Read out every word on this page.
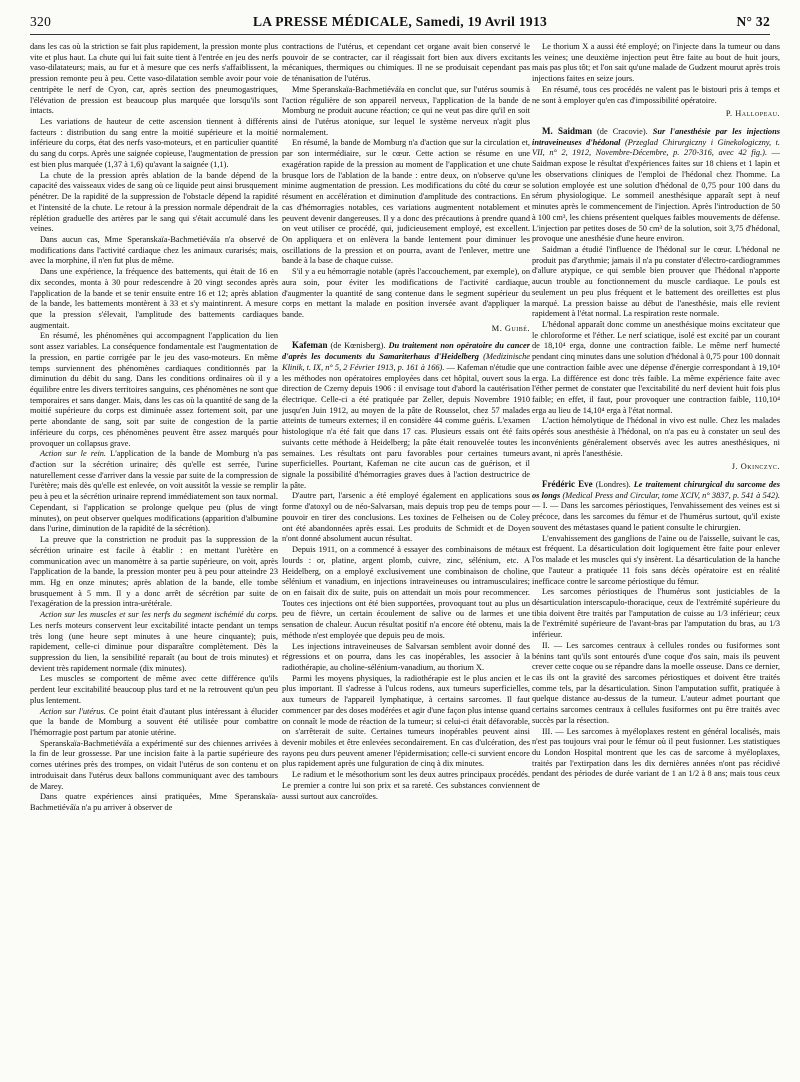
320	LA PRESSE MÉDICALE, Samedi, 19 Avril 1913	N° 32

dans les cas où la striction se fait plus rapidement, la pression monte plus vite et plus haut. La chute qui lui fait suite tient à l'entrée en jeu des nerfs vaso-dilatateurs; mais, au fur et à mesure que ces nerfs s'affaiblissent, la pression remonte peu à peu. Cette vaso-dilatation semble avoir pour voie centripète le nerf de Cyon, car, après section des pneumogastriques, l'élévation de pression est beaucoup plus marquée que lorsqu'ils sont intacts.

Les variations de hauteur de cette ascension tiennent à différents facteurs : distribution du sang entre la moitié supérieure et la moitié inférieure du corps, état des nerfs vaso-moteurs, et en particulier quantité du sang du corps. Après une saignée copieuse, l'augmentation de pression est bien plus marquée (1,37 à 1,6) qu'avant la saignée (1,1).

La chute de la pression après ablation de la bande dépend de la capacité des vaisseaux vides de sang où ce liquide peut ainsi brusquement pénétrer. De la rapidité de la suppression de l'obstacle dépend la rapidité et l'intensité de la chute. Le retour à la pression normale dépendrait de la réplétion graduelle des artères par le sang qui s'était accumulé dans les veines.

Dans aucun cas, Mme Speranskaïa-Bachmetiéváïa n'a observé de modifications dans l'activité cardiaque chez les animaux curarisés; mais, avec la morphine, il n'en fut plus de même.

Dans une expérience, la fréquence des battements, qui était de 16 en dix secondes, monta à 30 pour redescendre à 20 vingt secondes après l'application de la bande et se tenir ensuite entre 16 et 12; après ablation de la bande, les battements montèrent à 33 et s'y maintinrent. A mesure que la pression s'élevait, l'amplitude des battements cardiaques augmentait.

En résumé, les phénomènes qui accompagnent l'application du lien sont assez variables. La conséquence fondamentale est l'augmentation de la pression, en partie corrigée par le jeu des vaso-moteurs. En même temps surviennent des phénomènes cardiaques conditionnés par la diminution du débit du sang. Dans les conditions ordinaires où il y a équilibre entre les divers territoires sanguins, ces phénomènes ne sont que temporaires et sans danger. Mais, dans les cas où la quantité de sang de la moitié supérieure du corps est diminuée assez fortement soit, par une perte abondante de sang, soit par suite de congestion de la partie inférieure du corps, ces phénomènes peuvent être assez marqués pour provoquer un collapsus grave.

Action sur le rein. L'application de la bande de Momburg n'a pas d'action sur la sécrétion urinaire; dès qu'elle est serrée, l'urine naturellement cesse d'arriver dans la vessie par suite de la compression de l'urètère; mais dès qu'elle est enlevée, on voit aussitôt la vessie se remplir peu à peu et la sécrétion urinaire reprend immédiatement son taux normal. Cependant, si l'application se prolonge quelque peu (plus de vingt minutes), on peut observer quelques modifications (apparition d'albumine dans l'urine, diminution de la rapidité de la sécrétion).

La preuve que la constriction ne produit pas la suppression de la sécrétion urinaire est facile à établir : en mettant l'urètère en communication avec un manomètre à sa partie supérieure, on voit, après l'application de la bande, la pression monter peu à peu pour atteindre 23 mm. Hg en onze minutes; après ablation de la bande, elle tombe brusquement à 5 mm. Il y a donc arrêt de sécrétion par suite de l'exagération de la pression intra-urétérale.

Action sur les muscles et sur les nerfs du segment ischémié du corps. Les nerfs moteurs conservent leur excitabilité intacte pendant un temps très long (une heure sept minutes à une heure cinquante); puis, rapidement, celle-ci diminue pour disparaître complètement. Dès la suppression du lien, la sensibilité reparaît (au bout de trois minutes) et devient très rapidement normale (dix minutes).

Les muscles se comportent de même avec cette différence qu'ils perdent leur excitabilité beaucoup plus tard et ne la retrouvent qu'un peu plus lentement.

Action sur l'utérus. Ce point était d'autant plus intéressant à élucider que la bande de Momburg a souvent été utilisée pour combattre l'hémorragie post partum par atonie utérine.

Speranskaïa-Bachmetiéváïa a expérimenté sur des chiennes arrivées à la fin de leur grossesse. Par une incision faite à la partie supérieure des cornes utérines près des trompes, on vidait l'utérus de son contenu et on introduisait dans l'utérus deux ballons communiquant avec des tambours de Marey.

Dans quatre expériences ainsi pratiquées, Mme Speranskaïa-Bachmetiéváïa n'a pu arriver à observer de

contractions de l'utérus, et cependant cet organe avait bien conservé le pouvoir de se contracter, car il réagissait fort bien aux divers excitants mécaniques, thermiques ou chimiques. Il ne se produisait cependant pas de ténanisation de l'utérus.

Mme Speranskaïa-Bachmetiéváïa en conclut que, sur l'utérus soumis à l'action régulière de son appareil nerveux, l'application de la bande de Momburg ne produit aucune réaction; ce qui ne veut pas dire qu'il en soit ainsi de l'utérus atonique, sur lequel le système nerveux n'agit plus normalement.

En résumé, la bande de Momburg n'a d'action que sur la circulation et, par son intermédiaire, sur le cœur. Cette action se résume en une exagération rapide de la pression au moment de l'application et une chute brusque lors de l'ablation de la bande : entre deux, on n'observe qu'une minime augmentation de pression. Les modifications du côté du cœur se résument en accélération et diminution d'amplitude des contractions. En cas d'hémorragies notables, ces variations augmentent notablement et peuvent devenir dangereuses. Il y a donc des précautions à prendre quand on veut utiliser ce procédé, qui, judicieusement employé, est excellent. On appliquera et on enlèvera la bande lentement pour diminuer les oscillations de la pression et on pourra, avant de l'enlever, mettre une bande à la base de chaque cuisse.

S'il y a eu hémorragie notable (après l'accouchement, par exemple), on aura soin, pour éviter les modifications de l'activité cardiaque, d'augmenter la quantité de sang contenue dans le segment supérieur du corps en mettant la malade en position inversée avant d'appliquer la bande.

M. Guibé.

Kafeman (de Kœnisberg). Du traitement non opératoire du cancer d'après les documents du Samariterhaus d'Heidelberg (Medizinische Klinik, t. IX, n° 5, 2 Février 1913, p. 161 à 166). — Kafeman n'étudie que les méthodes non opératoires employées dans cet hôpital, ouvert sous la direction de Czerny depuis 1906 : il envisage tout d'abord la cautérisation électrique. Celle-ci a été pratiquée par Zeller, depuis Novembre 1910 jusqu'en Juin 1912, au moyen de la pâte de Rousselot, chez 57 malades atteints de tumeurs externes; il en considère 44 comme guéris. L'examen histologique n'a été fait que dans 17 cas. Plusieurs essais ont été faits suivants cette méthode à Heidelberg; la pâte était renouvelée toutes les semaines. Les résultats ont paru favorables pour certaines tumeurs superficielles. Pourtant, Kafeman ne cite aucun cas de guérison, et il signale la possibilité d'hémorragies graves dues à l'action destructrice de la pâte.

D'autre part, l'arsenic a été employé également en applications sous forme d'atoxyl ou de néo-Salvarsan, mais depuis trop peu de temps pour pouvoir en tirer des conclusions. Les toxines de Felheisen ou de Coley ont été abandonnées après essai. Les produits de Schmidt et de Doyen n'ont donné absolument aucun résultat.

Depuis 1911, on a commencé à essayer des combinaisons de métaux lourds : or, platine, argent plomb, cuivre, zinc, sélénium, etc. A Heidelberg, on a employé exclusivement une combinaison de choline, sélénium et vanadium, en injections intraveineuses ou intramusculaires; on en faisait dix de suite, puis on attendait un mois pour recommencer. Toutes ces injections ont été bien supportées, provoquant tout au plus un peu de fièvre, un certain écoulement de salive ou de larmes et une sensation de chaleur. Aucun résultat positif n'a encore été obtenu, mais la méthode n'est employée que depuis peu de mois.

Les injections intraveineuses de Salvarsan semblent avoir donné des régressions et on pourra, dans les cas inopérables, les associer à la radiothérapie, au choline-sélénium-vanadium, au thorium X.

Parmi les moyens physiques, la radiothérapie est le plus ancien et le plus important. Il s'adresse à l'ulcus rodens, aux tumeurs superficielles, aux tumeurs de l'appareil lymphatique, à certains sarcomes. Il faut commencer par des doses modérées et agir d'une façon plus intense quand on connaît le mode de réaction de la tumeur; si celui-ci était défavorable, on s'arrêterait de suite. Certaines tumeurs inopérables peuvent ainsi devenir mobiles et être enlevées secondairement. En cas d'ulcération, des rayons peu durs peuvent amener l'épidermisation; celle-ci survient encore plus rapidement après une fulguration de cinq à dix minutes.

Le radium et le mésothorium sont les deux autres principaux procédés. Le premier a contre lui son prix et sa rareté. Ces substances conviennent aussi surtout aux cancroïdes.

Le thorium X a aussi été employé; on l'injecte dans la tumeur ou dans les veines; une deuxième injection peut être faite au bout de huit jours, mais pas plus tôt; et l'on sait qu'une malade de Gudzent mourut après trois injections faites en seize jours.

En résumé, tous ces procédés ne valent pas le bistouri pris à temps et ne sont à employer qu'en cas d'impossibilité opératoire.

P. Hallopeau.

M. Saidman (de Cracovie). Sur l'anesthésie par les injections intraveineuses d'hédonal (Przeglad Chirurgiczny i Ginekologiczny, t. VII, n° 2, 1912, Novembre-Décembre, p. 270-316, avec 42 fig.). — Saidman expose le résultat d'expériences faites sur 18 chiens et 1 lapin et les observations cliniques de l'emploi de l'hédonal chez l'homme. La solution employée est une solution d'hédonal de 0,75 pour 100 dans du sérum physiologique. Le sommeil anesthésique apparaît sept à neuf minutes après le commencement de l'injection. Après l'introduction de 50 à 100 cm³, les chiens présentent quelques faibles mouvements de défense. L'injection par petites doses de 50 cm³ de la solution, soit 3,75 d'hédonal, provoque une anesthésie d'une heure environ.

Saidman a étudié l'influence de l'hédonal sur le cœur. L'hédonal ne produit pas d'arythmie; jamais il n'a pu constater d'électro-cardiogrammes d'allure atypique, ce qui semble bien prouver que l'hédonal n'apporte aucun trouble au fonctionnement du muscle cardiaque. Le pouls est seulement un peu plus fréquent et le battement des oreillettes est plus marqué. La pression baisse au début de l'anesthésie, mais elle revient rapidement à l'état normal. La respiration reste normale.

L'hédonal apparaît donc comme un anesthésique moins excitateur que le chloroforme et l'éther. Le nerf sciatique, isolé est excité par un courant de 18,10⁴ erga, donne une contraction faible. Le même nerf humecté pendant cinq minutes dans une solution d'hédonal à 0,75 pour 100 donnait une contraction faible avec une dépense d'énergie correspondant à 19,10⁴ erga. La différence est donc très faible. La même expérience faite avec l'éther permet de constater que l'excitabilité du nerf devient huit fois plus faible; en effet, il faut, pour provoquer une contraction faible, 110,10⁴ erga au lieu de 14,10⁴ erga à l'état normal.

L'action hémolytique de l'hédonal in vivo est nulle. Chez les malades opérés sous anesthésie à l'hédonal, on n'a pas eu à constater un seul des inconvénients généralement observés avec les autres anesthésiques, ni avant, ni après l'anesthésie.

J. Okinczyc.

Frédéric Eve (Londres). Le traitement chirurgical du sarcome des os longs (Medical Press and Circular, tome XCIV, n° 3837, p. 541 à 542). — I. — Dans les sarcomes périostiques, l'envahissement des veines est si précoce, dans les sarcomes du fémur et de l'humérus surtout, qu'il existe souvent des métastases quand le patient consulte le chirurgien.

L'envahissement des ganglions de l'aine ou de l'aisselle, suivant le cas, est fréquent. La désarticulation doit logiquement être faite pour enlever l'os malade et les muscles qui s'y insèrent. La désarticulation de la hanche que l'auteur a pratiquée 11 fois sans décès opératoire est en réalité inefficace contre le sarcome périostique du fémur.

Les sarcomes périostiques de l'humérus sont justiciables de la désarticulation interscapulo-thoracique, ceux de l'extrémité supérieure du tibia doivent être traités par l'amputation de cuisse au 1/3 inférieur; ceux de l'extrémité supérieure de l'avant-bras par l'amputation du bras, au 1/3 inférieur.

II. — Les sarcomes centraux à cellules rondes ou fusiformes sont bénins tant qu'ils sont entourés d'une coque d'os sain, mais ils peuvent crever cette coque ou se répandre dans la moelle osseuse. Dans ce dernier, cas ils ont la gravité des sarcomes périostiques et doivent être traités comme tels, par la désarticulation. Sinon l'amputation suffit, pratiquée à quelque distance au-dessus de la tumeur. L'auteur admet pourtant que certains sarcomes centraux à cellules fusiformes ont pu être traités avec succès par la résection.

III. — Les sarcomes à myéloplaxes restent en général localisés, mais n'est pas toujours vrai pour le fémur où il peut fusionner. Les statistiques du London Hospital montrent que les cas de sarcome à myéloplaxes, traités par l'extirpation dans les dix dernières années n'ont pas récidivé pendant des périodes de durée variant de 1 an 1/2 à 8 ans; mais tous ceux de
